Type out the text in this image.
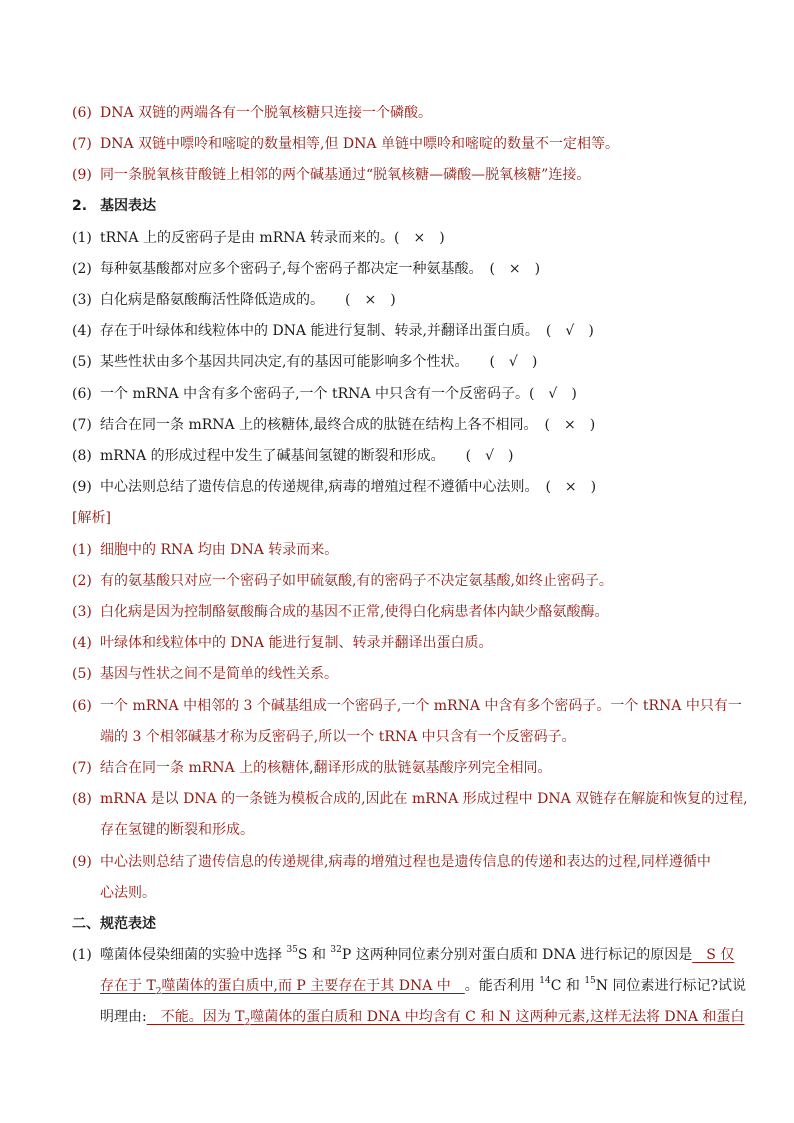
(6) DNA 双链的两端各有一个脱氧核糖只连接一个磷酸。
(7) DNA 双链中嘌呤和嘧啶的数量相等,但 DNA 单链中嘌呤和嘧啶的数量不一定相等。
(9) 同一条脱氧核苷酸链上相邻的两个碱基通过“脱氧核糖—磷酸—脱氧核糖”连接。
2. 基因表达
(1) tRNA 上的反密码子是由 mRNA 转录而来的。(　×　)
(2) 每种氨基酸都对应多个密码子,每个密码子都决定一种氨基酸。　(　×　)
(3) 白化病是酪氨酸酶活性降低造成的。　　(　×　)
(4) 存在于叶绿体和线粒体中的 DNA 能进行复制、转录,并翻译出蛋白质。　(　√　)
(5) 某些性状由多个基因共同决定,有的基因可能影响多个性状。　　(　√　)
(6) 一个 mRNA 中含有多个密码子,一个 tRNA 中只含有一个反密码子。(　√　)
(7) 结合在同一条 mRNA 上的核糖体,最终合成的肽链在结构上各不相同。　(　×　)
(8) mRNA 的形成过程中发生了碱基间氢键的断裂和形成。　　(　√　)
(9) 中心法则总结了遗传信息的传递规律,病毒的增殖过程不遵循中心法则。　(　×　)
[解析]
(1) 细胞中的 RNA 均由 DNA 转录而来。
(2) 有的氨基酸只对应一个密码子如甲硫氨酸,有的密码子不决定氨基酸,如终止密码子。
(3) 白化病是因为控制酪氨酸酶合成的基因不正常,使得白化病患者体内缺少酪氨酸酶。
(4) 叶绿体和线粒体中的 DNA 能进行复制、转录并翻译出蛋白质。
(5) 基因与性状之间不是简单的线性关系。
(6) 一个 mRNA 中相邻的 3 个碱基组成一个密码子,一个 mRNA 中含有多个密码子。一个 tRNA 中只有一
端的 3 个相邻碱基才称为反密码子,所以一个 tRNA 中只含有一个反密码子。
(7) 结合在同一条 mRNA 上的核糖体,翻译形成的肽链氨基酸序列完全相同。
(8) mRNA 是以 DNA 的一条链为模板合成的,因此在 mRNA 形成过程中 DNA 双链存在解旋和恢复的过程,
存在氢键的断裂和形成。
(9) 中心法则总结了遗传信息的传递规律,病毒的增殖过程也是遗传信息的传递和表达的过程,同样遵循中
心法则。
二、规范表述
(1) 噬菌体侵染细菌的实验中选择 $^{35}$S 和 $^{32}$P 这两种同位素分别对蛋白质和 DNA 进行标记的原因是　S 仅
存在于 $T_2$噬菌体的蛋白质中,而 P 主要存在于其 DNA 中　。能否利用 $^{14}$C 和 $^{15}$N 同位素进行标记?试说
明理由:　不能。因为 $T_2$噬菌体的蛋白质和 DNA 中均含有 C 和 N 这两种元素,这样无法将 DNA 和蛋白
